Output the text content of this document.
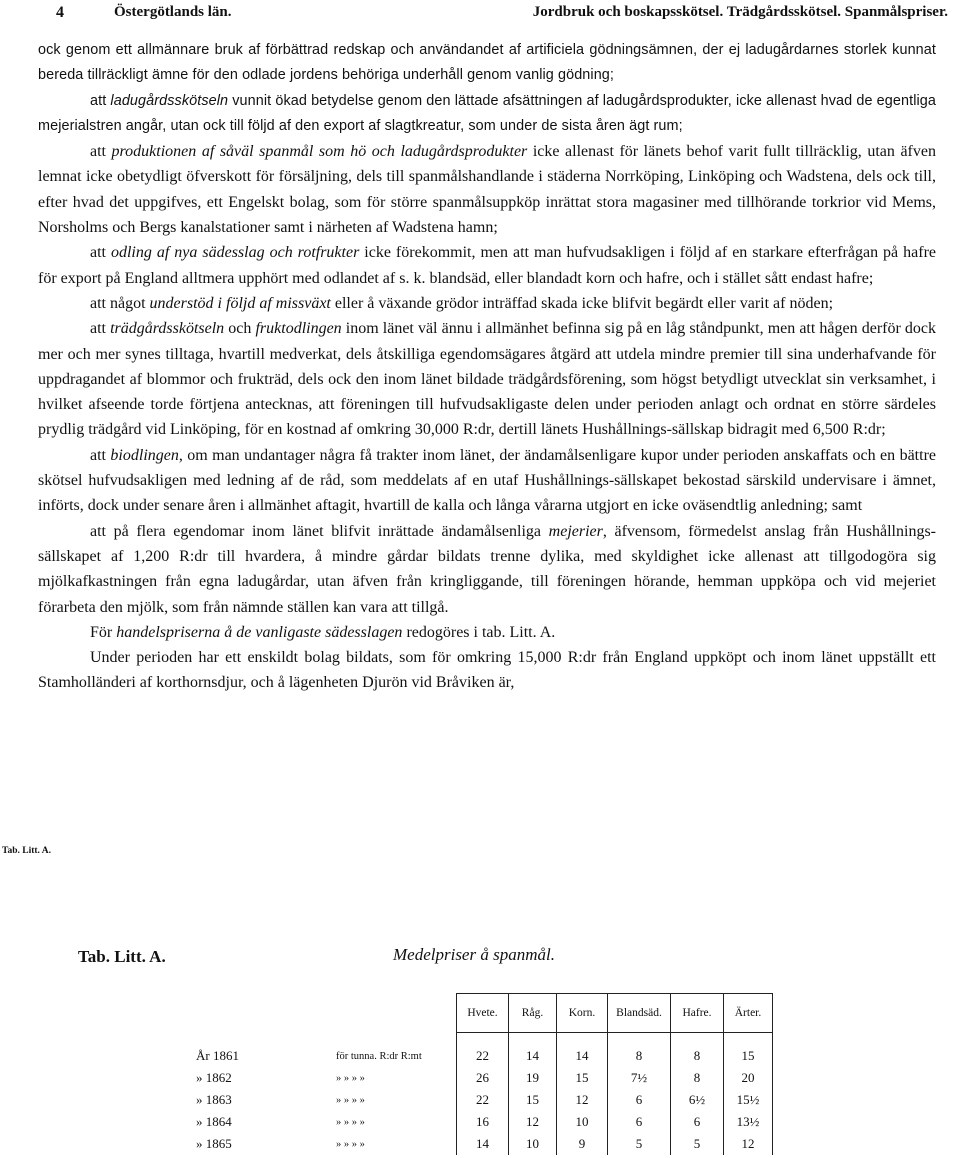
4	Östergötlands län.	Jordbruk och boskapsskötsel. Trädgårdsskötsel. Spanmålspriser.

ock genom ett allmännare bruk af förbättrad redskap och användandet af artificiela gödningsämnen, der ej ladugårdarnes storlek kunnat bereda tillräckligt ämne för den odlade jordens behöriga underhåll genom vanlig gödning;

att ladugårdsskötseln vunnit ökad betydelse genom den lättade afsättningen af ladugårdsprodukter, icke allenast hvad de egentliga mejerialstren angår, utan ock till följd af den export af slagtkreatur, som under de sista åren ägt rum;

att produktionen af såväl spanmål som hö och ladugårdsprodukter icke allenast för länets behof varit fullt tillräcklig, utan äfven lemnat icke obetydligt öfverskott för försäljning, dels till spanmålshandlande i städerna Norrköping, Linköping och Wadstena, dels ock till, efter hvad det uppgifves, ett Engelskt bolag, som för större spanmålsuppköp inrättat stora magasiner med tillhörande torkrior vid Mems, Norsholms och Bergs kanalstationer samt i närheten af Wadstena hamn;

att odling af nya sädesslag och rotfrukter icke förekommit, men att man hufvudsakligen i följd af en starkare efterfrågan på hafre för export på England alltmera upphört med odlandet af s. k. blandsäd, eller blandadt korn och hafre, och i stället sått endast hafre;

att något understöd i följd af missväxt eller å växande grödor inträffad skada icke blifvit begärdt eller varit af nöden;

att trädgårdsskötseln och fruktodlingen inom länet väl ännu i allmänhet befinna sig på en låg ståndpunkt, men att hågen derför dock mer och mer synes tilltaga, hvartill medverkat, dels åtskilliga egendomsägares åtgärd att utdela mindre premier till sina underhafvande för uppdragandet af blommor och frukträd, dels ock den inom länet bildade trädgårdsförening, som högst betydligt utvecklat sin verksamhet, i hvilket afseende torde förtjena antecknas, att föreningen till hufvudsakligaste delen under perioden anlagt och ordnat en större särdeles prydlig trädgård vid Linköping, för en kostnad af omkring 30,000 R:dr, dertill länets Hushållnings-sällskap bidragit med 6,500 R:dr;

att biodlingen, om man undantager några få trakter inom länet, der ändamålsenligare kupor under perioden anskaffats och en bättre skötsel hufvudsakligen med ledning af de råd, som meddelats af en utaf Hushållnings-sällskapet bekostad särskild undervisare i ämnet, införts, dock under senare åren i allmänhet aftagit, hvartill de kalla och långa vårarna utgjort en icke oväsendtlig anledning; samt

att på flera egendomar inom länet blifvit inrättade ändamålsenliga mejerier, äfvensom, förmedelst anslag från Hushållnings-sällskapet af 1,200 R:dr till hvardera, å mindre gårdar bildats trenne dylika, med skyldighet icke allenast att tillgodogöra sig mjölkafkastningen från egna ladugårdar, utan äfven från kringliggande, till föreningen hörande, hemman uppköpa och vid mejeriet förarbeta den mjölk, som från nämnde ställen kan vara att tillgå.

För handelspriserna å de vanligaste sädesslagen redogöres i tab. Litt. A.

Under perioden har ett enskildt bolag bildats, som för omkring 15,000 R:dr från England uppköpt och inom länet uppställt ett Stamholländeri af korthornsdjur, och å lägenheten Djurön vid Bråviken är,

Tab. Litt. A.
Tab. Litt. A.	Medelpriser å spanmål.
		Hvete.	Råg.	Korn.	Blandsäd.	Hafre.	Ärter.

År 1861	för tunna. R:dr R:mt	22	14	14	8	8	15
» 1862	» » » »	26	19	15	7½	8	20
» 1863	» » » »	22	15	12	6	6½	15½
» 1864	» » » »	16	12	10	6	6	13½
» 1865	» » » »	14	10	9	5	5	12
